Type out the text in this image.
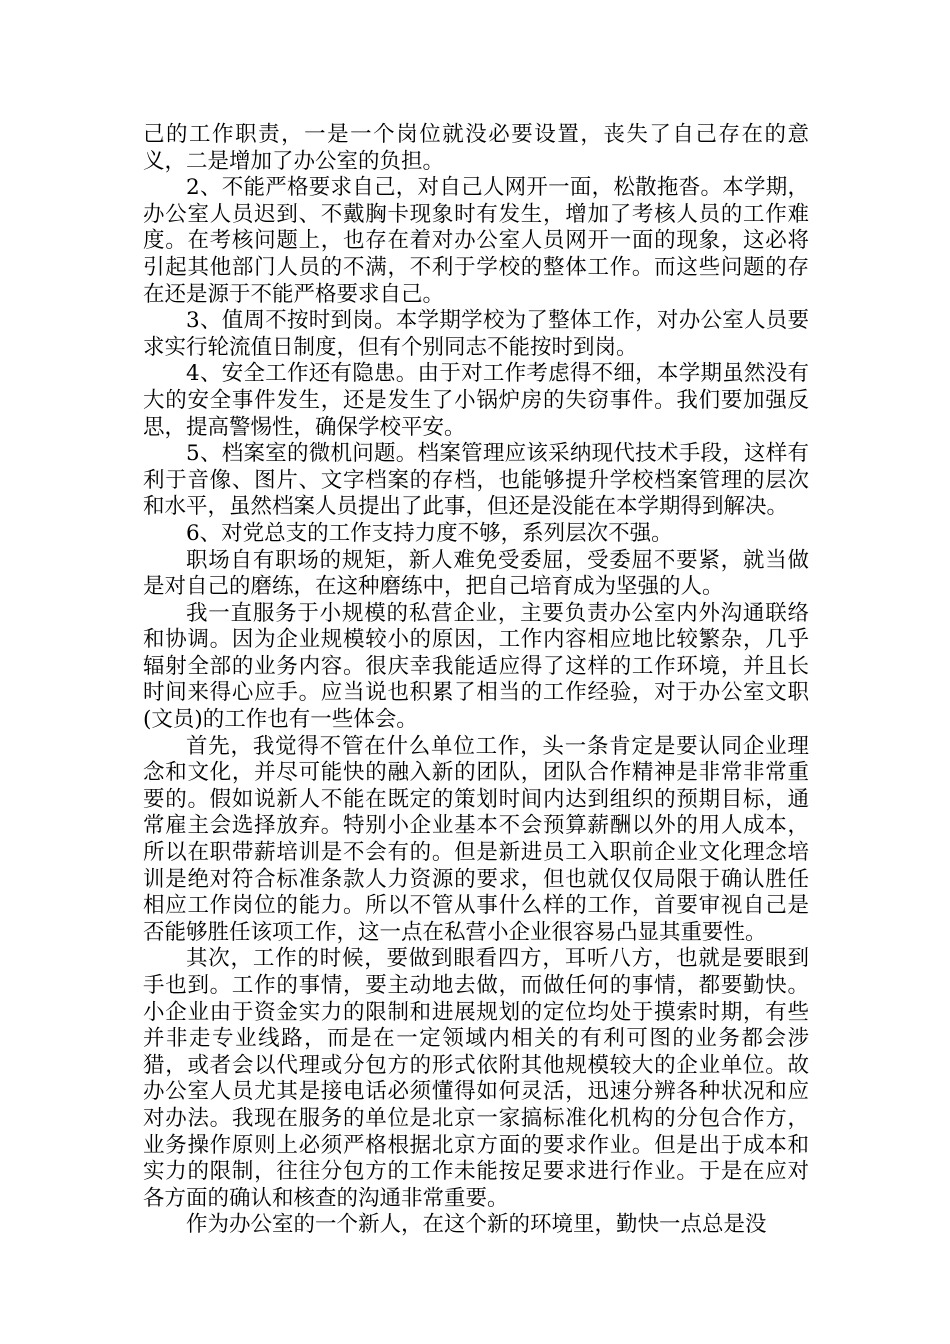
己的工作职责，一是一个岗位就没必要设置，丧失了自己存在的意义，二是增加了办公室的负担。

2、不能严格要求自己，对自己人网开一面，松散拖沓。本学期，办公室人员迟到、不戴胸卡现象时有发生，增加了考核人员的工作难度。在考核问题上，也存在着对办公室人员网开一面的现象，这必将引起其他部门人员的不满，不利于学校的整体工作。而这些问题的存在还是源于不能严格要求自己。

3、值周不按时到岗。本学期学校为了整体工作，对办公室人员要求实行轮流值日制度，但有个别同志不能按时到岗。

4、安全工作还有隐患。由于对工作考虑得不细，本学期虽然没有大的安全事件发生，还是发生了小锅炉房的失窃事件。我们要加强反思，提高警惕性，确保学校平安。

5、档案室的微机问题。档案管理应该采纳现代技术手段，这样有利于音像、图片、文字档案的存档，也能够提升学校档案管理的层次和水平，虽然档案人员提出了此事，但还是没能在本学期得到解决。

6、对党总支的工作支持力度不够，系列层次不强。

职场自有职场的规矩，新人难免受委屈，受委屈不要紧，就当做是对自己的磨练，在这种磨练中，把自己培育成为坚强的人。

我一直服务于小规模的私营企业，主要负责办公室内外沟通联络和协调。因为企业规模较小的原因，工作内容相应地比较繁杂，几乎辐射全部的业务内容。很庆幸我能适应得了这样的工作环境，并且长时间来得心应手。应当说也积累了相当的工作经验，对于办公室文职(文员)的工作也有一些体会。

首先，我觉得不管在什么单位工作，头一条肯定是要认同企业理念和文化，并尽可能快的融入新的团队，团队合作精神是非常非常重要的。假如说新人不能在既定的策划时间内达到组织的预期目标，通常雇主会选择放弃。特别小企业基本不会预算薪酬以外的用人成本，所以在职带薪培训是不会有的。但是新进员工入职前企业文化理念培训是绝对符合标准条款人力资源的要求，但也就仅仅局限于确认胜任相应工作岗位的能力。所以不管从事什么样的工作，首要审视自己是否能够胜任该项工作，这一点在私营小企业很容易凸显其重要性。

其次，工作的时候，要做到眼看四方，耳听八方，也就是要眼到手也到。工作的事情，要主动地去做，而做任何的事情，都要勤快。小企业由于资金实力的限制和进展规划的定位均处于摸索时期，有些并非走专业线路，而是在一定领域内相关的有利可图的业务都会涉猎，或者会以代理或分包方的形式依附其他规模较大的企业单位。故办公室人员尤其是接电话必须懂得如何灵活，迅速分辨各种状况和应对办法。我现在服务的单位是北京一家搞标准化机构的分包合作方，业务操作原则上必须严格根据北京方面的要求作业。但是出于成本和实力的限制，往往分包方的工作未能按足要求进行作业。于是在应对各方面的确认和核查的沟通非常重要。

作为办公室的一个新人，在这个新的环境里，勤快一点总是没
